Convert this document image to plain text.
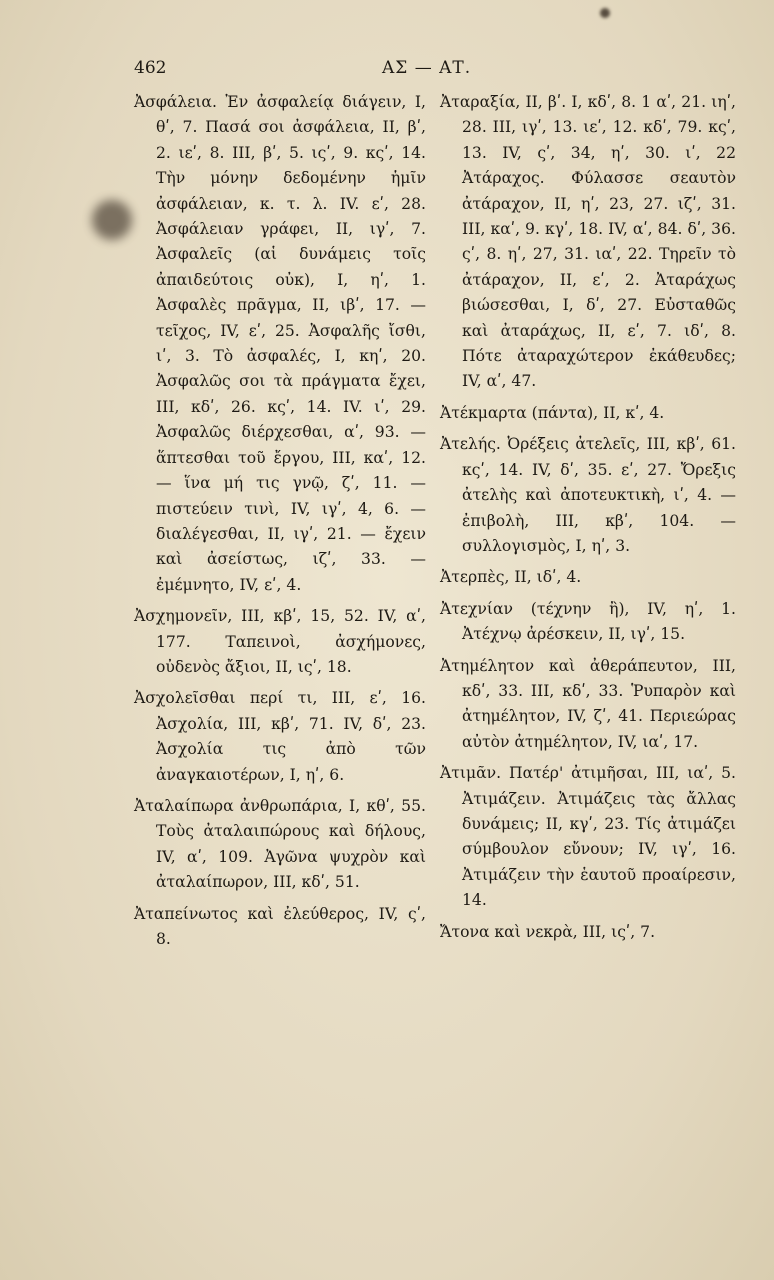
462	ΑΣ — ΑΤ.

Ἀσφάλεια. Ἐν ἀσφαλείᾳ διάγειν, I, θʹ, 7. Πασά σοι ἀσφάλεια, II, βʹ, 2. ιεʹ, 8. III, βʹ, 5. ιςʹ, 9. κςʹ, 14. Τὴν μόνην δεδομένην ἡμῖν ἀσφάλειαν, κ. τ. λ. IV. εʹ, 28. Ἀσφάλειαν γράφει, II, ιγʹ, 7. Ἀσφαλεῖς (αἱ δυνάμεις τοῖς ἀπαιδεύτοις οὐκ), I, ηʹ, 1. Ἀσφαλὲς πρᾶγμα, II, ιβʹ, 17. — τεῖχος, IV, εʹ, 25. Ἀσφαλῆς ἴσθι, ιʹ, 3. Τὸ ἀσφαλές, I, κηʹ, 20. Ἀσφαλῶς σοι τὰ πράγματα ἔχει, III, κδʹ, 26. κςʹ, 14. IV. ιʹ, 29. Ἀσφαλῶς διέρχεσθαι, αʹ, 93. — ἅπτεσθαι τοῦ ἔργου, III, καʹ, 12. — ἵνα μή τις γνῷ, ζʹ, 11. — πιστεύειν τινὶ, IV, ιγʹ, 4, 6. — διαλέγεσθαι, II, ιγʹ, 21. — ἔχειν καὶ ἀσείστως, ιζʹ, 33. — ἐμέμνητο, IV, εʹ, 4.

Ἀσχημονεῖν, III, κβʹ, 15, 52. IV, αʹ, 177. Ταπεινοὶ, ἀσχήμονες, οὐδενὸς ἄξιοι, II, ιςʹ, 18.

Ἀσχολεῖσθαι περί τι, III, εʹ, 16. Ἀσχολία, III, κβʹ, 71. IV, δʹ, 23. Ἀσχολία τις ἀπὸ τῶν ἀναγκαιοτέρων, I, ηʹ, 6.

Ἀταλαίπωρα ἀνθρωπάρια, I, κθʹ, 55. Τοὺς ἀταλαιπώρους καὶ δήλους, IV, αʹ, 109. Ἀγῶνα ψυχρὸν καὶ ἀταλαίπωρον, III, κδʹ, 51.

Ἀταπείνωτος καὶ ἐλεύθερος, IV, ςʹ, 8.

Ἀταραξία, II, βʹ. I, κδʹ, 8. 1 αʹ, 21. ιηʹ, 28. III, ιγʹ, 13. ιεʹ, 12. κδʹ, 79. κςʹ, 13. IV, ςʹ, 34, ηʹ, 30. ιʹ, 22 Ἀτάραχος. Φύλασσε σεαυτὸν ἀτάραχον, II, ηʹ, 23, 27. ιζʹ, 31. III, καʹ, 9. κγʹ, 18. IV, αʹ, 84. δʹ, 36. ςʹ, 8. ηʹ, 27, 31. ιαʹ, 22. Τηρεῖν τὸ ἀτάραχον, II, εʹ, 2. Ἀταράχως βιώσεσθαι, I, δʹ, 27. Εὐσταθῶς καὶ ἀταράχως, II, εʹ, 7. ιδʹ, 8. Πότε ἀταραχώτερον ἐκάθευδες; IV, αʹ, 47.

Ἀτέκμαρτα (πάντα), II, κʹ, 4.

Ἀτελής. Ὀρέξεις ἀτελεῖς, III, κβʹ, 61. κςʹ, 14. IV, δʹ, 35. εʹ, 27. Ὄρεξις ἀτελὴς καὶ ἀποτευκτικὴ, ιʹ, 4. — ἐπιβολὴ, III, κβʹ, 104. — συλλογισμὸς, I, ηʹ, 3.

Ἀτερπὲς, II, ιδʹ, 4.

Ἀτεχνίαν (τέχνην ἢ), IV, ηʹ, 1. Ἀτέχνῳ ἀρέσκειν, II, ιγʹ, 15.

Ἀτημέλητον καὶ ἀθεράπευτον, III, κδʹ, 33. III, κδʹ, 33. Ῥυπαρὸν καὶ ἀτημέλητον, IV, ζʹ, 41. Περιεώρας αὐτὸν ἀτημέλητον, IV, ιαʹ, 17.

Ἀτιμᾶν. Πατέρ' ἀτιμῆσαι, III, ιαʹ, 5. Ἀτιμάζειν. Ἀτιμάζεις τὰς ἄλλας δυνάμεις; II, κγʹ, 23. Τίς ἀτιμάζει σύμβουλον εὔνουν; IV, ιγʹ, 16. Ἀτιμάζειν τὴν ἑαυτοῦ προαίρεσιν, 14.

Ἄτονα καὶ νεκρὰ, III, ιςʹ, 7.
